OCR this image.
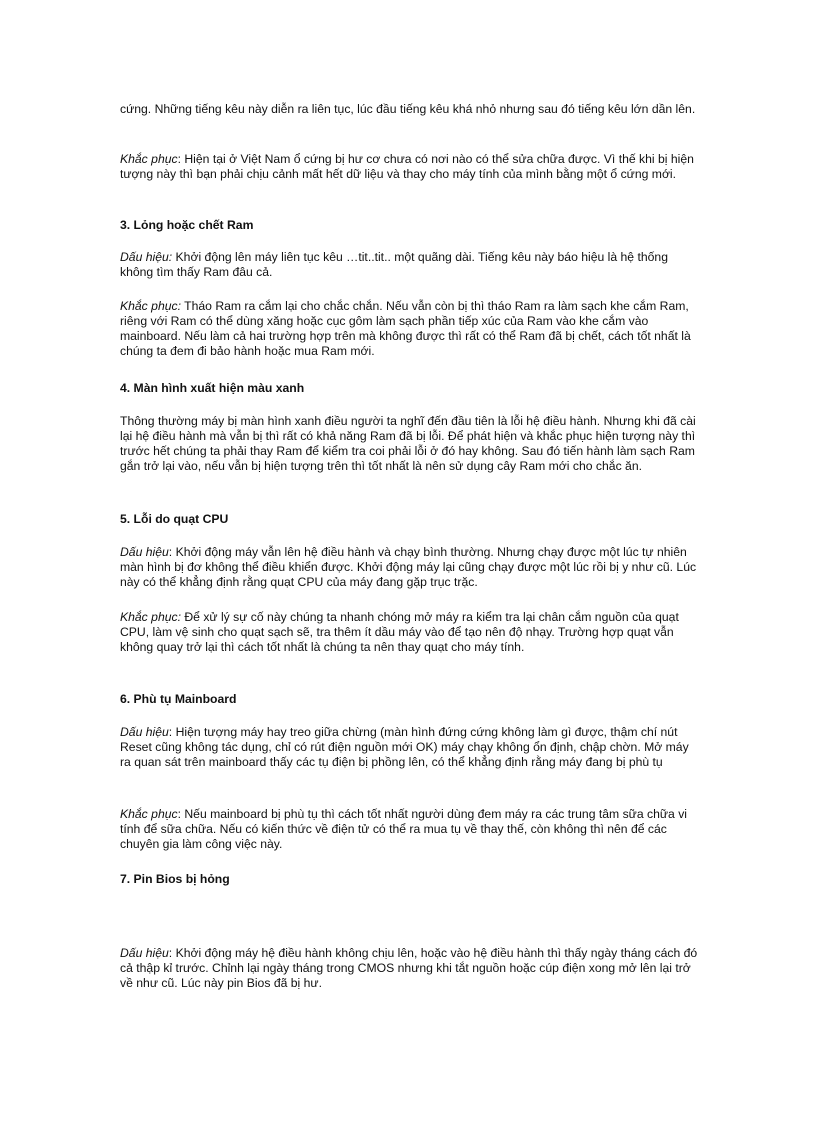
cứng. Những tiếng kêu này diễn ra liên tục, lúc đầu tiếng kêu khá nhỏ nhưng sau đó tiếng kêu lớn dần lên.

Khắc phục: Hiện tại ở Việt Nam ổ cứng bị hư cơ chưa có nơi nào có thể sửa chữa được. Vì thế khi bị hiện tượng này thì bạn phải chịu cảnh mất hết dữ liệu và thay cho máy tính của mình bằng một ổ cứng mới.

3. Lỏng hoặc chết Ram

Dấu hiệu: Khởi động lên máy liên tục kêu …tit..tit.. một quãng dài. Tiếng kêu này báo hiệu là hệ thống không tìm thấy Ram đâu cả.

Khắc phục: Tháo Ram ra cắm lại cho chắc chắn. Nếu vẫn còn bị thì tháo Ram ra làm sạch khe cắm Ram, riêng với Ram có thể dùng xăng hoặc cục gôm làm sạch phần tiếp xúc của Ram vào khe cắm vào mainboard. Nếu làm cả hai trường hợp trên mà không được thì rất có thể Ram đã bị chết, cách tốt nhất là chúng ta đem đi bảo hành hoặc mua Ram mới.

4. Màn hình xuất hiện màu xanh

Thông thường máy bị màn hình xanh điều người ta nghĩ đến đầu tiên là lỗi hệ điều hành. Nhưng khi đã cài lại hệ điều hành mà vẫn bị thì rất có khả năng Ram đã bị lỗi. Để phát hiện và khắc phục hiện tượng này thì trước hết chúng ta phải thay Ram để kiểm tra coi phải lỗi ở đó hay không. Sau đó tiến hành làm sạch Ram gắn trở lại vào, nếu vẫn bị hiện tượng trên thì tốt nhất là nên sử dụng cây Ram mới cho chắc ăn.

5. Lỗi do quạt CPU

Dấu hiệu: Khởi động máy vẫn lên hệ điều hành và chạy bình thường. Nhưng chạy được một lúc tự nhiên màn hình bị đơ không thể điều khiển được. Khởi động máy lại cũng chạy được một lúc rồi bị y như cũ. Lúc này có thể khẳng định rằng quạt CPU của máy đang gặp trục trặc.

Khắc phục: Để xử lý sự cố này chúng ta nhanh chóng mở máy ra kiểm tra lại chân cắm nguồn của quạt CPU, làm vệ sinh cho quạt sạch sẽ, tra thêm ít dầu máy vào để tạo nên độ nhạy. Trường hợp quạt vẫn không quay trở lại thì cách tốt nhất là chúng ta nên thay quạt cho máy tính.

6. Phù tụ Mainboard

Dấu hiệu: Hiện tượng máy hay treo giữa chừng (màn hình đứng cứng không làm gì được, thậm chí nút Reset cũng không tác dụng, chỉ có rút điện nguồn mới OK) máy chạy không ổn định, chập chờn. Mở máy ra quan sát trên mainboard thấy các tụ điện bị phồng lên, có thể khẳng định rằng máy đang bị phù tụ

Khắc phục: Nếu mainboard bị phù tụ thì cách tốt nhất người dùng đem máy ra các trung tâm sữa chữa vi tính để sữa chữa. Nếu có kiến thức về điện tử có thể ra mua tụ về thay thế, còn không thì nên để các chuyên gia làm công việc này.

7. Pin Bios bị hỏng

Dấu hiệu: Khởi động máy hệ điều hành không chịu lên, hoặc vào hệ điều hành thì thấy ngày tháng cách đó cả thập kỉ trước. Chỉnh lại ngày tháng trong CMOS nhưng khi tắt nguồn hoặc cúp điện xong mở lên lại trở về như cũ. Lúc này pin Bios đã bị hư.
